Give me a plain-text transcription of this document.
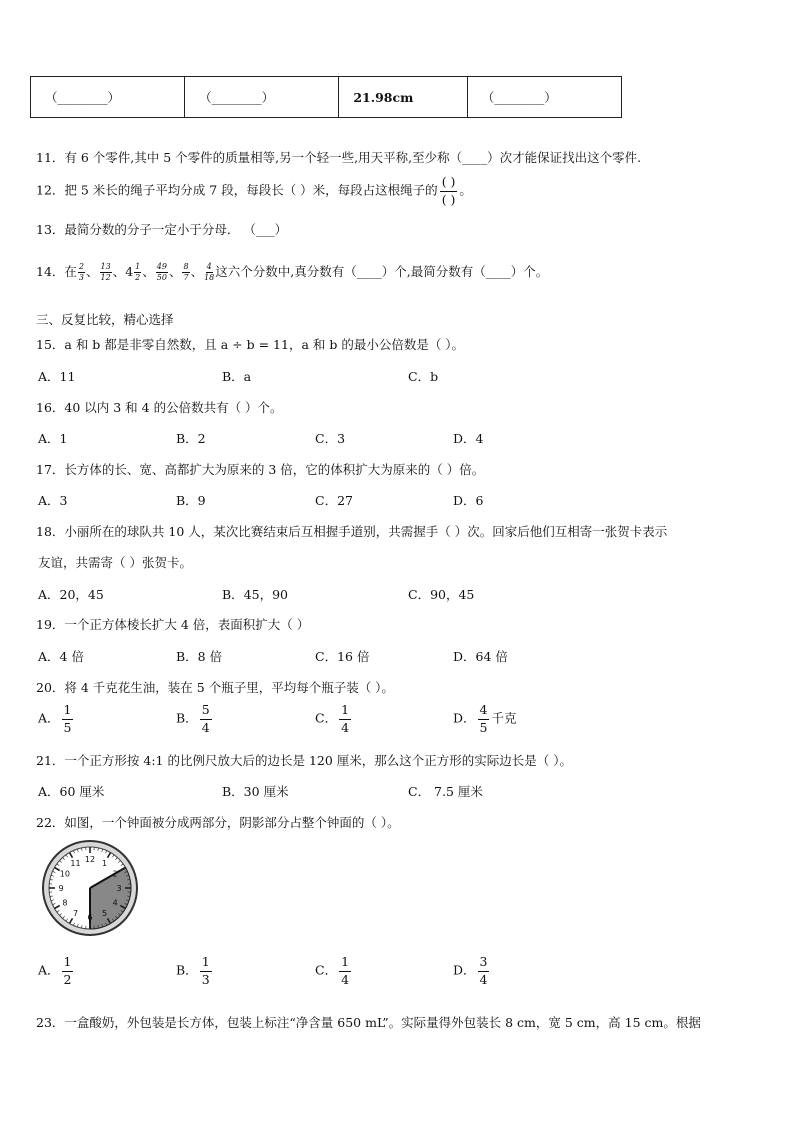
（________）	（________）	21.98cm	（________）
11．有 6 个零件,其中 5 个零件的质量相等,另一个轻一些,用天平称,至少称（____）次才能保证找出这个零件.
12．把 5 米长的绳子平均分成 7 段，每段长（ ）米，每段占这根绳子的
( )
( )
。
13．最简分数的分子一定小于分母． （___）
14．在 $\frac{2}{3}$ 、 $\frac{13}{12}$ 、$4 \frac{1}{2}$ 、 $\frac{49}{50}$ 、 $\frac{8}{7}$ 、 $\frac{4}{18}$ 这六个分数中,真分数有（____）个,最简分数有（____）个。
三、反复比较，精心选择
15．a 和 b 都是非零自然数，且 a ÷ b = 11，a 和 b 的最小公倍数是（ ）。
A．11	B．a	C．b
16．40 以内 3 和 4 的公倍数共有（ ）个。
A．1	B．2	C．3	D．4
17．长方体的长、宽、高都扩大为原来的 3 倍，它的体积扩大为原来的（ ）倍。
A．3	B．9	C．27	D．6
18．小丽所在的球队共 10 人，某次比赛结束后互相握手道别，共需握手（ ）次。回家后他们互相寄一张贺卡表示
友谊，共需寄（ ）张贺卡。
A．20，45	B．45，90	C．90，45
19．一个正方体棱长扩大 4 倍，表面积扩大（ ）
A．4 倍	B．8 倍	C．16 倍	D．64 倍
20．将 4 千克花生油，装在 5 个瓶子里，平均每个瓶子装（ ）。
A． $\frac{1}{5}$	B． $\frac{5}{4}$	C． $\frac{1}{4}$	D． $\frac{4}{5}$ 千克
21．一个正方形按 4:1 的比例尺放大后的边长是 120 厘米，那么这个正方形的实际边长是（ ）。
A．60 厘米	B．30 厘米	C． 7.5 厘米
22．如图，一个钟面被分成两部分，阴影部分占整个钟面的（ ）。
12 1
2
3
4
5
6
7
8
9
10
11
A． $\frac{1}{2}$	B． $\frac{1}{3}$	C． $\frac{1}{4}$	D． $\frac{3}{4}$
23．一盒酸奶，外包装是长方体，包装上标注“净含量 650 mL”。实际量得外包装长 8 cm，宽 5 cm，高 15 cm。根据
